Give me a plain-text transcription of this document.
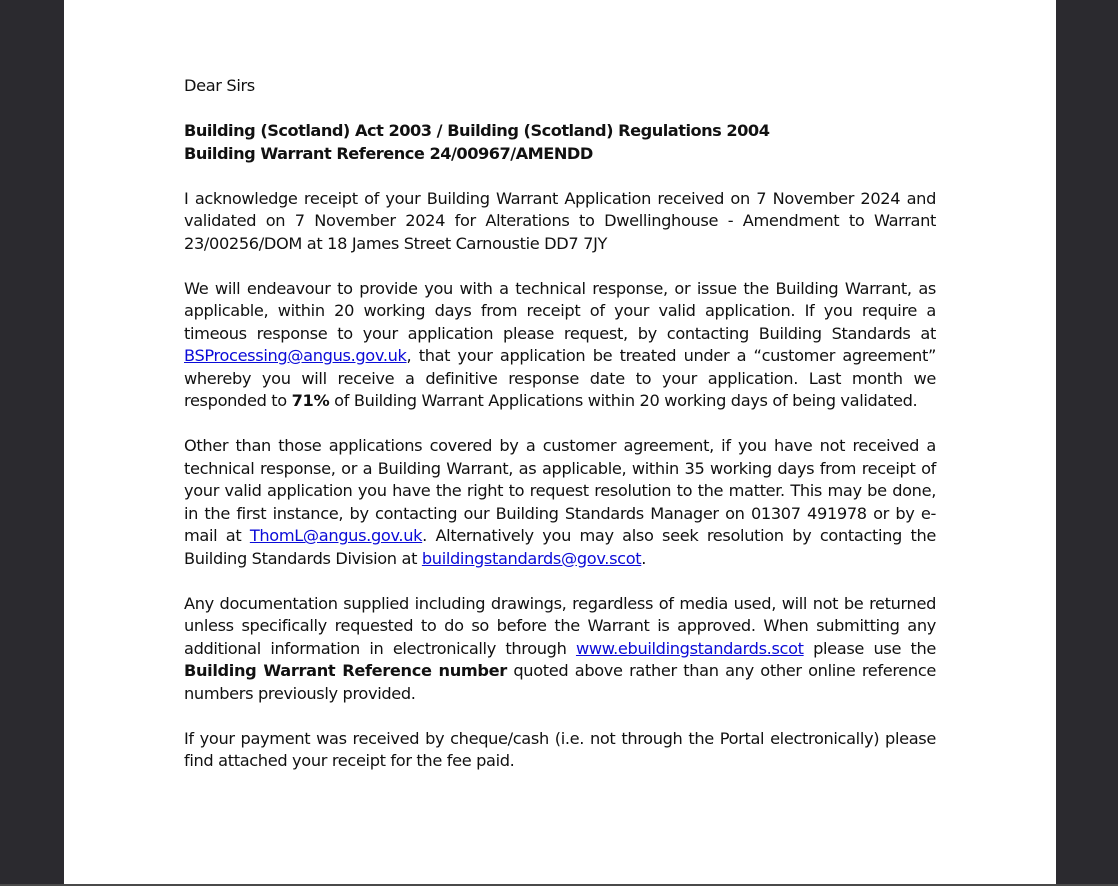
Dear Sirs

Building (Scotland) Act 2003 / Building (Scotland) Regulations 2004
Building Warrant Reference 24/00967/AMENDD

I acknowledge receipt of your Building Warrant Application received on 7 November 2024 and validated on 7 November 2024 for Alterations to Dwellinghouse - Amendment to Warrant 23/00256/DOM at 18 James Street Carnoustie DD7 7JY

We will endeavour to provide you with a technical response, or issue the Building Warrant, as applicable, within 20 working days from receipt of your valid application. If you require a timeous response to your application please request, by contacting Building Standards at BSProcessing@angus.gov.uk, that your application be treated under a “customer agreement” whereby you will receive a definitive response date to your application. Last month we responded to 71% of Building Warrant Applications within 20 working days of being validated.

Other than those applications covered by a customer agreement, if you have not received a technical response, or a Building Warrant, as applicable, within 35 working days from receipt of your valid application you have the right to request resolution to the matter. This may be done, in the first instance, by contacting our Building Standards Manager on 01307 491978 or by e-mail at ThomL@angus.gov.uk. Alternatively you may also seek resolution by contacting the Building Standards Division at buildingstandards@gov.scot.

Any documentation supplied including drawings, regardless of media used, will not be returned unless specifically requested to do so before the Warrant is approved. When submitting any additional information in electronically through www.ebuildingstandards.scot please use the Building Warrant Reference number quoted above rather than any other online reference numbers previously provided.

If your payment was received by cheque/cash (i.e. not through the Portal electronically) please find attached your receipt for the fee paid.
